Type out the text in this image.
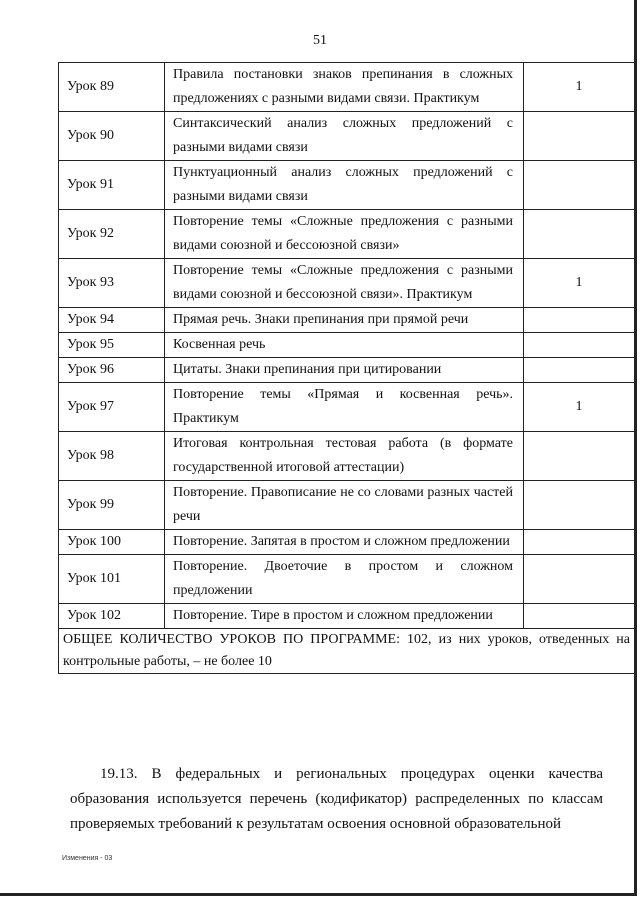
51
Урок 89	Правила постановки знаков препинания в сложных предложениях с разными видами связи. Практикум	1
Урок 90	Синтаксический анализ сложных предложений с разными видами связи	
Урок 91	Пунктуационный анализ сложных предложений с разными видами связи	
Урок 92	Повторение темы «Сложные предложения с разными видами союзной и бессоюзной связи»	
Урок 93	Повторение темы «Сложные предложения с разными видами союзной и бессоюзной связи». Практикум	1
Урок 94	Прямая речь. Знаки препинания при прямой речи	
Урок 95	Косвенная речь	
Урок 96	Цитаты. Знаки препинания при цитировании	
Урок 97	Повторение темы «Прямая и косвенная речь». Практикум	1
Урок 98	Итоговая контрольная тестовая работа (в формате государственной итоговой аттестации)	
Урок 99	Повторение. Правописание не со словами разных частей речи	
Урок 100	Повторение. Запятая в простом и сложном предложении	
Урок 101	Повторение. Двоеточие в простом и сложном предложении	
Урок 102	Повторение. Тире в простом и сложном предложении	
ОБЩЕЕ КОЛИЧЕСТВО УРОКОВ ПО ПРОГРАММЕ: 102, из них уроков, отведенных на контрольные работы, – не более 10		
19.13. В федеральных и региональных процедурах оценки качества образования используется перечень (кодификатор) распределенных по классам проверяемых требований к результатам освоения основной образовательной
Изменения - 03
